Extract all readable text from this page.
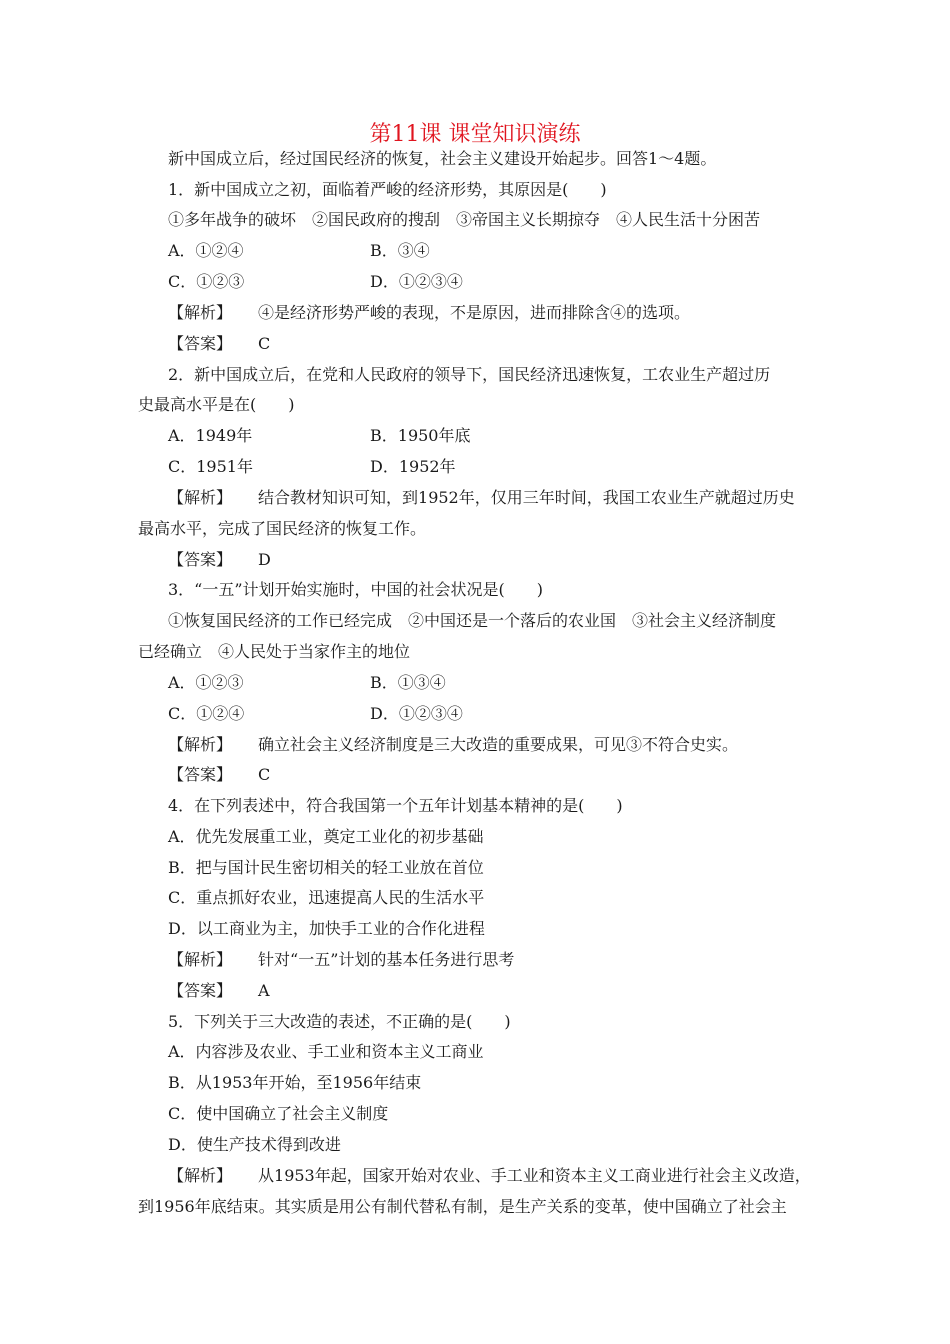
第11课 课堂知识演练
新中国成立后，经过国民经济的恢复，社会主义建设开始起步。回答1～4题。
1．新中国成立之初，面临着严峻的经济形势，其原因是(　　)
①多年战争的破坏　②国民政府的搜刮　③帝国主义长期掠夺　④人民生活十分困苦
A．①②④	B．③④
C．①②③	D．①②③④
【解析】 ④是经济形势严峻的表现，不是原因，进而排除含④的选项。
【答案】 C
2．新中国成立后，在党和人民政府的领导下，国民经济迅速恢复，工农业生产超过历
史最高水平是在(　　)
A．1949年	B．1950年底
C．1951年	D．1952年
【解析】 结合教材知识可知，到1952年，仅用三年时间，我国工农业生产就超过历史
最高水平，完成了国民经济的恢复工作。
【答案】 D
3．“一五”计划开始实施时，中国的社会状况是(　　)
①恢复国民经济的工作已经完成　②中国还是一个落后的农业国　③社会主义经济制度
已经确立　④人民处于当家作主的地位
A．①②③	B．①③④
C．①②④	D．①②③④
【解析】 确立社会主义经济制度是三大改造的重要成果，可见③不符合史实。
【答案】 C
4．在下列表述中，符合我国第一个五年计划基本精神的是(　　)
A．优先发展重工业，奠定工业化的初步基础
B．把与国计民生密切相关的轻工业放在首位
C．重点抓好农业，迅速提高人民的生活水平
D．以工商业为主，加快手工业的合作化进程
【解析】 针对“一五”计划的基本任务进行思考
【答案】 A
5．下列关于三大改造的表述，不正确的是(　　)
A．内容涉及农业、手工业和资本主义工商业
B．从1953年开始，至1956年结束
C．使中国确立了社会主义制度
D．使生产技术得到改进
【解析】 从1953年起，国家开始对农业、手工业和资本主义工商业进行社会主义改造，
到1956年底结束。其实质是用公有制代替私有制，是生产关系的变革，使中国确立了社会主
